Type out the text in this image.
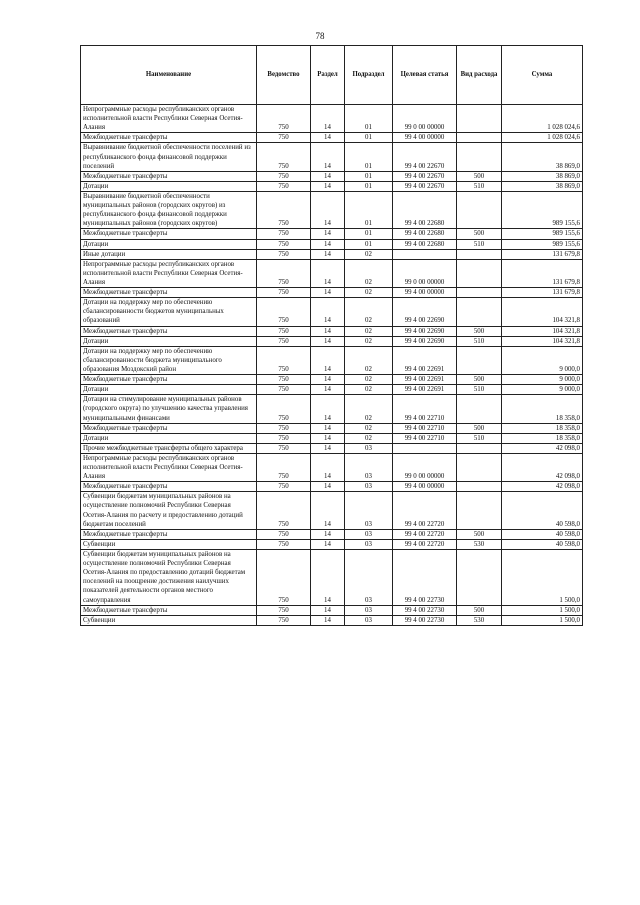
78
Наименование	Ведомство	Раздел	Подраздел	Целевая статья	Вид расхода	Сумма
Непрограммные расходы республиканских органов исполнительной власти Республики Северная Осетия-Алания	750	14	01	99 0 00 00000		1 028 024,6
Межбюджетные трансферты	750	14	01	99 4 00 00000		1 028 024,6
Выравнивание бюджетной обеспеченности поселений из республиканского фонда финансовой поддержки поселений	750	14	01	99 4 00 22670		38 869,0
Межбюджетные трансферты	750	14	01	99 4 00 22670	500	38 869,0
Дотации	750	14	01	99 4 00 22670	510	38 869,0
Выравнивание бюджетной обеспеченности муниципальных районов (городских округов) из республиканского фонда финансовой поддержки муниципальных районов (городских округов)	750	14	01	99 4 00 22680		989 155,6
Межбюджетные трансферты	750	14	01	99 4 00 22680	500	989 155,6
Дотации	750	14	01	99 4 00 22680	510	989 155,6
Иные дотации	750	14	02			131 679,8
Непрограммные расходы республиканских органов исполнительной власти Республики Северная Осетия-Алания	750	14	02	99 0 00 00000		131 679,8
Межбюджетные трансферты	750	14	02	99 4 00 00000		131 679,8
Дотации на поддержку мер по обеспечению сбалансированности бюджетов муниципальных образований	750	14	02	99 4 00 22690		104 321,8
Межбюджетные трансферты	750	14	02	99 4 00 22690	500	104 321,8
Дотации	750	14	02	99 4 00 22690	510	104 321,8
Дотации на поддержку мер по обеспечению сбалансированности бюджета муниципального образования Моздокский район	750	14	02	99 4 00 22691		9 000,0
Межбюджетные трансферты	750	14	02	99 4 00 22691	500	9 000,0
Дотации	750	14	02	99 4 00 22691	510	9 000,0
Дотации на стимулирование муниципальных районов (городского округа) по улучшению качества управления муниципальными финансами	750	14	02	99 4 00 22710		18 358,0
Межбюджетные трансферты	750	14	02	99 4 00 22710	500	18 358,0
Дотации	750	14	02	99 4 00 22710	510	18 358,0
Прочие межбюджетные трансферты общего характера	750	14	03			42 098,0
Непрограммные расходы республиканских органов исполнительной власти Республики Северная Осетия-Алания	750	14	03	99 0 00 00000		42 098,0
Межбюджетные трансферты	750	14	03	99 4 00 00000		42 098,0
Субвенции бюджетам муниципальных районов на осуществление полномочий Республики Северная Осетия-Алания по расчету и предоставлению дотаций бюджетам поселений	750	14	03	99 4 00 22720		40 598,0
Межбюджетные трансферты	750	14	03	99 4 00 22720	500	40 598,0
Субвенции	750	14	03	99 4 00 22720	530	40 598,0
Субвенции бюджетам муниципальных районов на осуществление полномочий Республики Северная Осетия-Алания по предоставлению дотаций бюджетам поселений на поощрение достижения наилучших показателей деятельности органов местного самоуправления	750	14	03	99 4 00 22730		1 500,0
Межбюджетные трансферты	750	14	03	99 4 00 22730	500	1 500,0
Субвенции	750	14	03	99 4 00 22730	530	1 500,0
